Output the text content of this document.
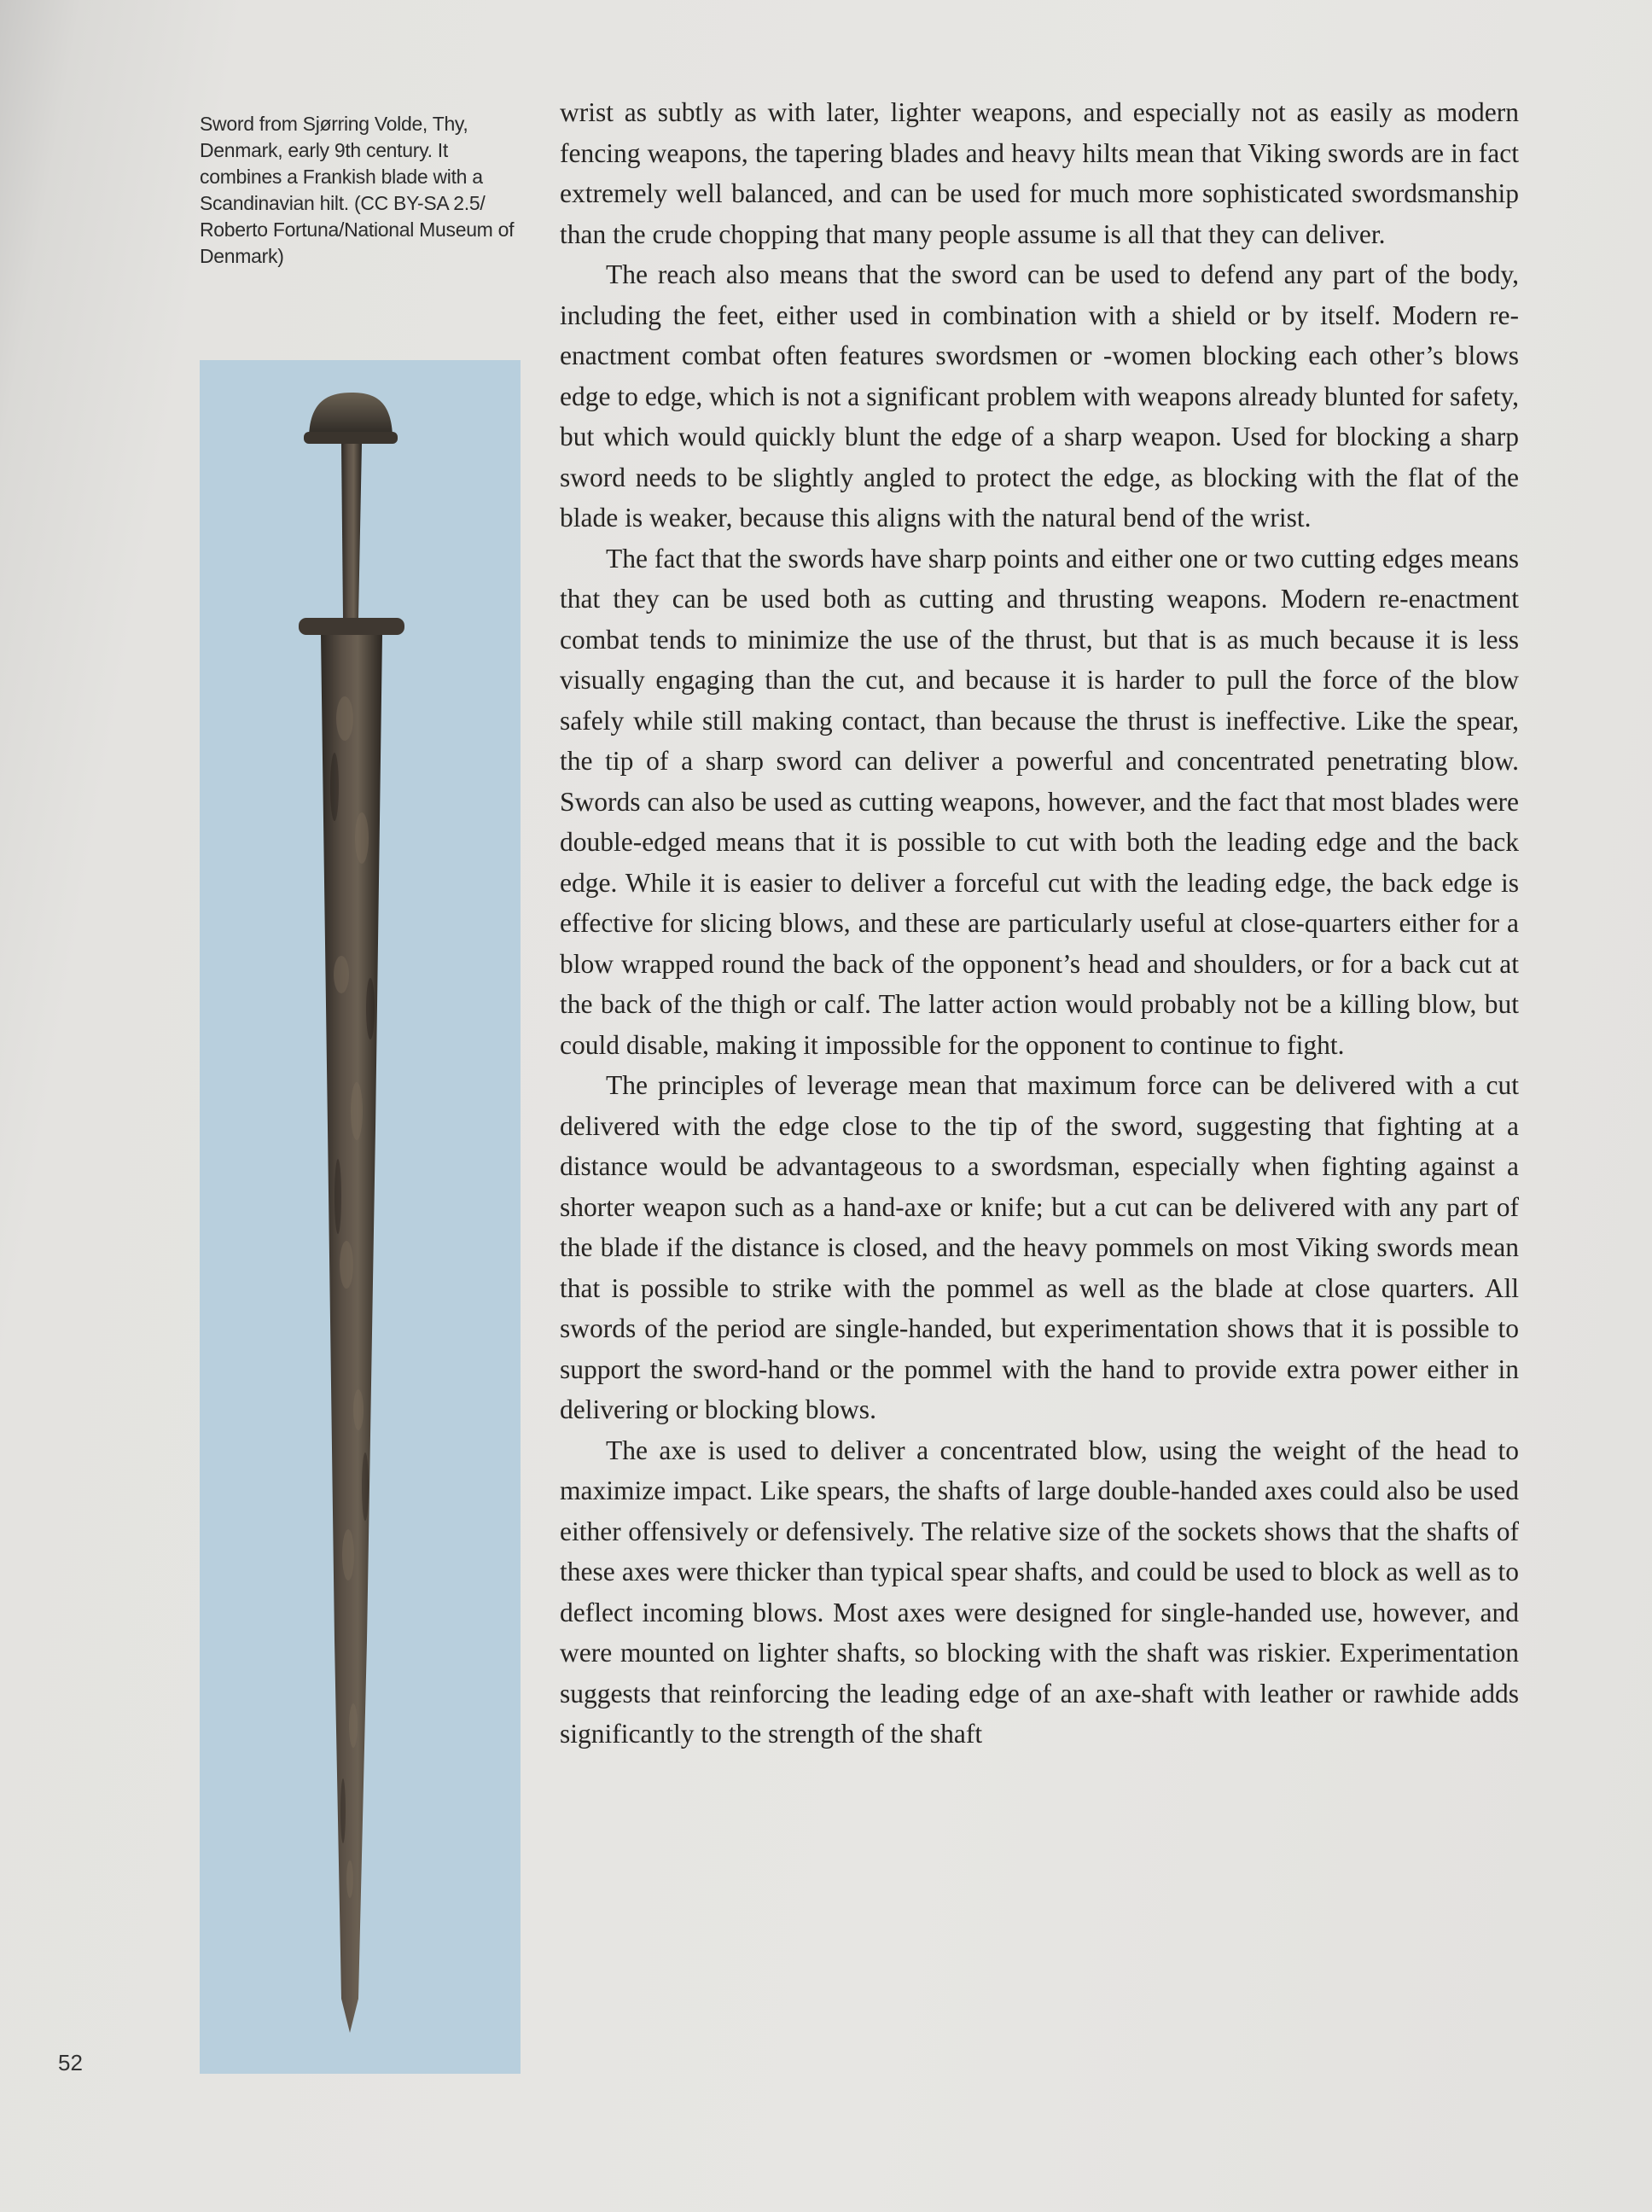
Sword from Sjørring Volde, Thy, Denmark, early 9th century. It combines a Frankish blade with a Scandinavian hilt. (CC BY-SA 2.5/ Roberto Fortuna/National Museum of Denmark)

wrist as subtly as with later, lighter weapons, and especially not as easily as modern fencing weapons, the tapering blades and heavy hilts mean that Viking swords are in fact extremely well balanced, and can be used for much more sophisticated swordsmanship than the crude chopping that many people assume is all that they can deliver.

The reach also means that the sword can be used to defend any part of the body, including the feet, either used in combination with a shield or by itself. Modern re-enactment combat often features swordsmen or -women blocking each other’s blows edge to edge, which is not a significant problem with weapons already blunted for safety, but which would quickly blunt the edge of a sharp weapon. Used for blocking a sharp sword needs to be slightly angled to protect the edge, as blocking with the flat of the blade is weaker, because this aligns with the natural bend of the wrist.

The fact that the swords have sharp points and either one or two cutting edges means that they can be used both as cutting and thrusting weapons. Modern re-enactment combat tends to minimize the use of the thrust, but that is as much because it is less visually engaging than the cut, and because it is harder to pull the force of the blow safely while still making contact, than because the thrust is ineffective. Like the spear, the tip of a sharp sword can deliver a powerful and concentrated penetrating blow. Swords can also be used as cutting weapons, however, and the fact that most blades were double-edged means that it is possible to cut with both the leading edge and the back edge. While it is easier to deliver a forceful cut with the leading edge, the back edge is effective for slicing blows, and these are particularly useful at close-quarters either for a blow wrapped round the back of the opponent’s head and shoulders, or for a back cut at the back of the thigh or calf. The latter action would probably not be a killing blow, but could disable, making it impossible for the opponent to continue to fight.

The principles of leverage mean that maximum force can be delivered with a cut delivered with the edge close to the tip of the sword, suggesting that fighting at a distance would be advantageous to a swordsman, especially when fighting against a shorter weapon such as a hand-axe or knife; but a cut can be delivered with any part of the blade if the distance is closed, and the heavy pommels on most Viking swords mean that is possible to strike with the pommel as well as the blade at close quarters. All swords of the period are single-handed, but experimentation shows that it is possible to support the sword-hand or the pommel with the hand to provide extra power either in delivering or blocking blows.

The axe is used to deliver a concentrated blow, using the weight of the head to maximize impact. Like spears, the shafts of large double-handed axes could also be used either offensively or defensively. The relative size of the sockets shows that the shafts of these axes were thicker than typical spear shafts, and could be used to block as well as to deflect incoming blows. Most axes were designed for single-handed use, however, and were mounted on lighter shafts, so blocking with the shaft was riskier. Experimentation suggests that reinforcing the leading edge of an axe-shaft with leather or rawhide adds significantly to the strength of the shaft

52
